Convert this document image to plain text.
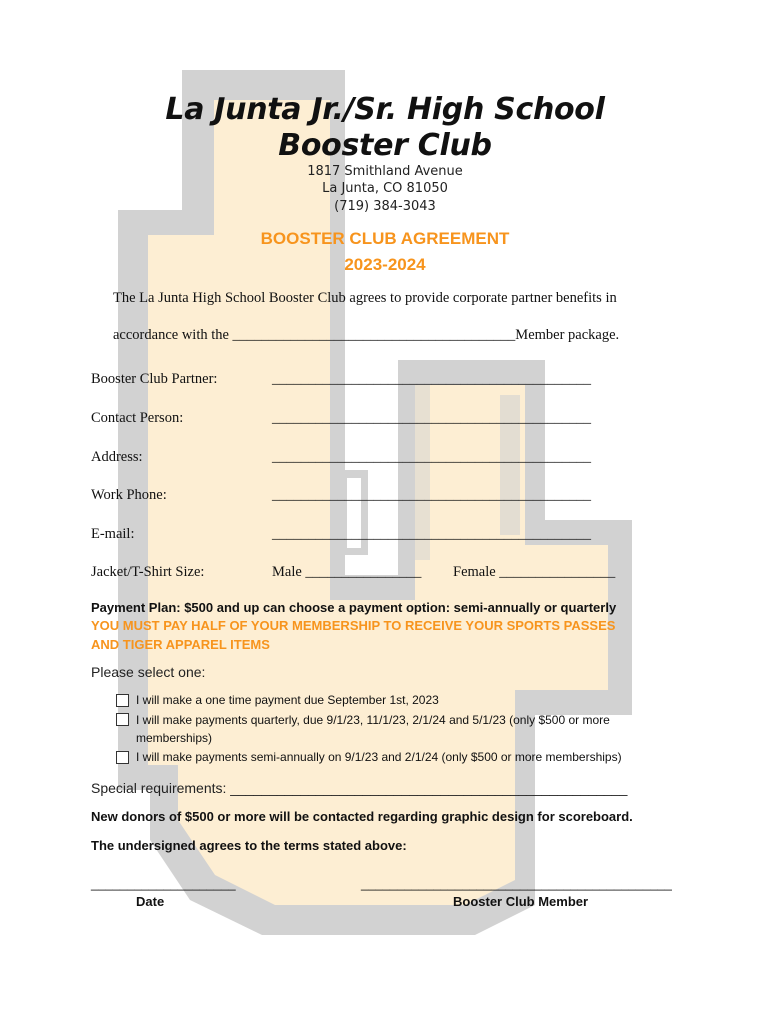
La Junta Jr./Sr. High School
Booster Club
1817 Smithland Avenue
La Junta, CO 81050
(719) 384-3043
BOOSTER CLUB AGREEMENT
2023-2024
The La Junta High School Booster Club agrees to provide corporate partner benefits in
accordance with the _______________________________________Member package.
Booster Club Partner:	____________________________________________
Contact Person:	____________________________________________
Address:	____________________________________________
Work Phone:	____________________________________________
E-mail:	____________________________________________
Jacket/T-Shirt Size:	Male ________________ Female ________________
Payment Plan: $500 and up can choose a payment option: semi-annually or quarterly
YOU MUST PAY HALF OF YOUR MEMBERSHIP TO RECEIVE YOUR SPORTS PASSES
AND TIGER APPAREL ITEMS
Please select one:
I will make a one time payment due September 1st, 2023
I will make payments quarterly, due 9/1/23, 11/1/23, 2/1/24 and 5/1/23 (only $500 or more
memberships)
I will make payments semi-annually on 9/1/23 and 2/1/24 (only $500 or more memberships)
Special requirements: ___________________________________________________
New donors of $500 or more will be contacted regarding graphic design for scoreboard.
The undersigned agrees to the terms stated above:
____________________
Date
___________________________________________
Booster Club Member
